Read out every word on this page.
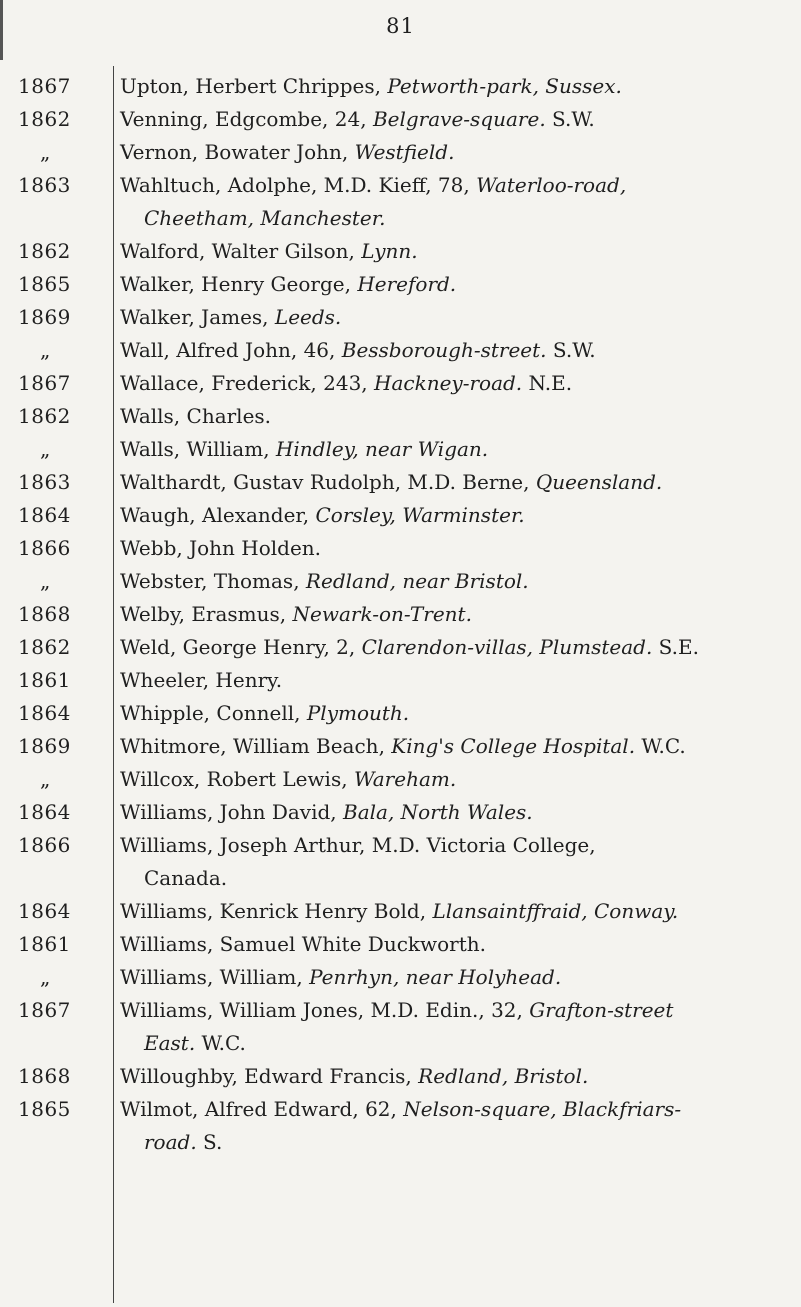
81
1867	Upton, Herbert Chrippes, Petworth-park, Sussex.
1862	Venning, Edgcombe, 24, Belgrave-square. S.W.
„	Vernon, Bowater John, Westfield.
1863	Wahltuch, Adolphe, M.D. Kieff, 78, Waterloo-road,
Cheetham, Manchester.
1862	Walford, Walter Gilson, Lynn.
1865	Walker, Henry George, Hereford.
1869	Walker, James, Leeds.
„	Wall, Alfred John, 46, Bessborough-street. S.W.
1867	Wallace, Frederick, 243, Hackney-road. N.E.
1862	Walls, Charles.
„	Walls, William, Hindley, near Wigan.
1863	Walthardt, Gustav Rudolph, M.D. Berne, Queensland.
1864	Waugh, Alexander, Corsley, Warminster.
1866	Webb, John Holden.
„	Webster, Thomas, Redland, near Bristol.
1868	Welby, Erasmus, Newark-on-Trent.
1862	Weld, George Henry, 2, Clarendon-villas, Plumstead. S.E.
1861	Wheeler, Henry.
1864	Whipple, Connell, Plymouth.
1869	Whitmore, William Beach, King's College Hospital. W.C.
„	Willcox, Robert Lewis, Wareham.
1864	Williams, John David, Bala, North Wales.
1866	Williams, Joseph Arthur, M.D. Victoria College,
Canada.
1864	Williams, Kenrick Henry Bold, Llansaintffraid, Conway.
1861	Williams, Samuel White Duckworth.
„	Williams, William, Penrhyn, near Holyhead.
1867	Williams, William Jones, M.D. Edin., 32, Grafton-street
East. W.C.
1868	Willoughby, Edward Francis, Redland, Bristol.
1865	Wilmot, Alfred Edward, 62, Nelson-square, Blackfriars-
road. S.
